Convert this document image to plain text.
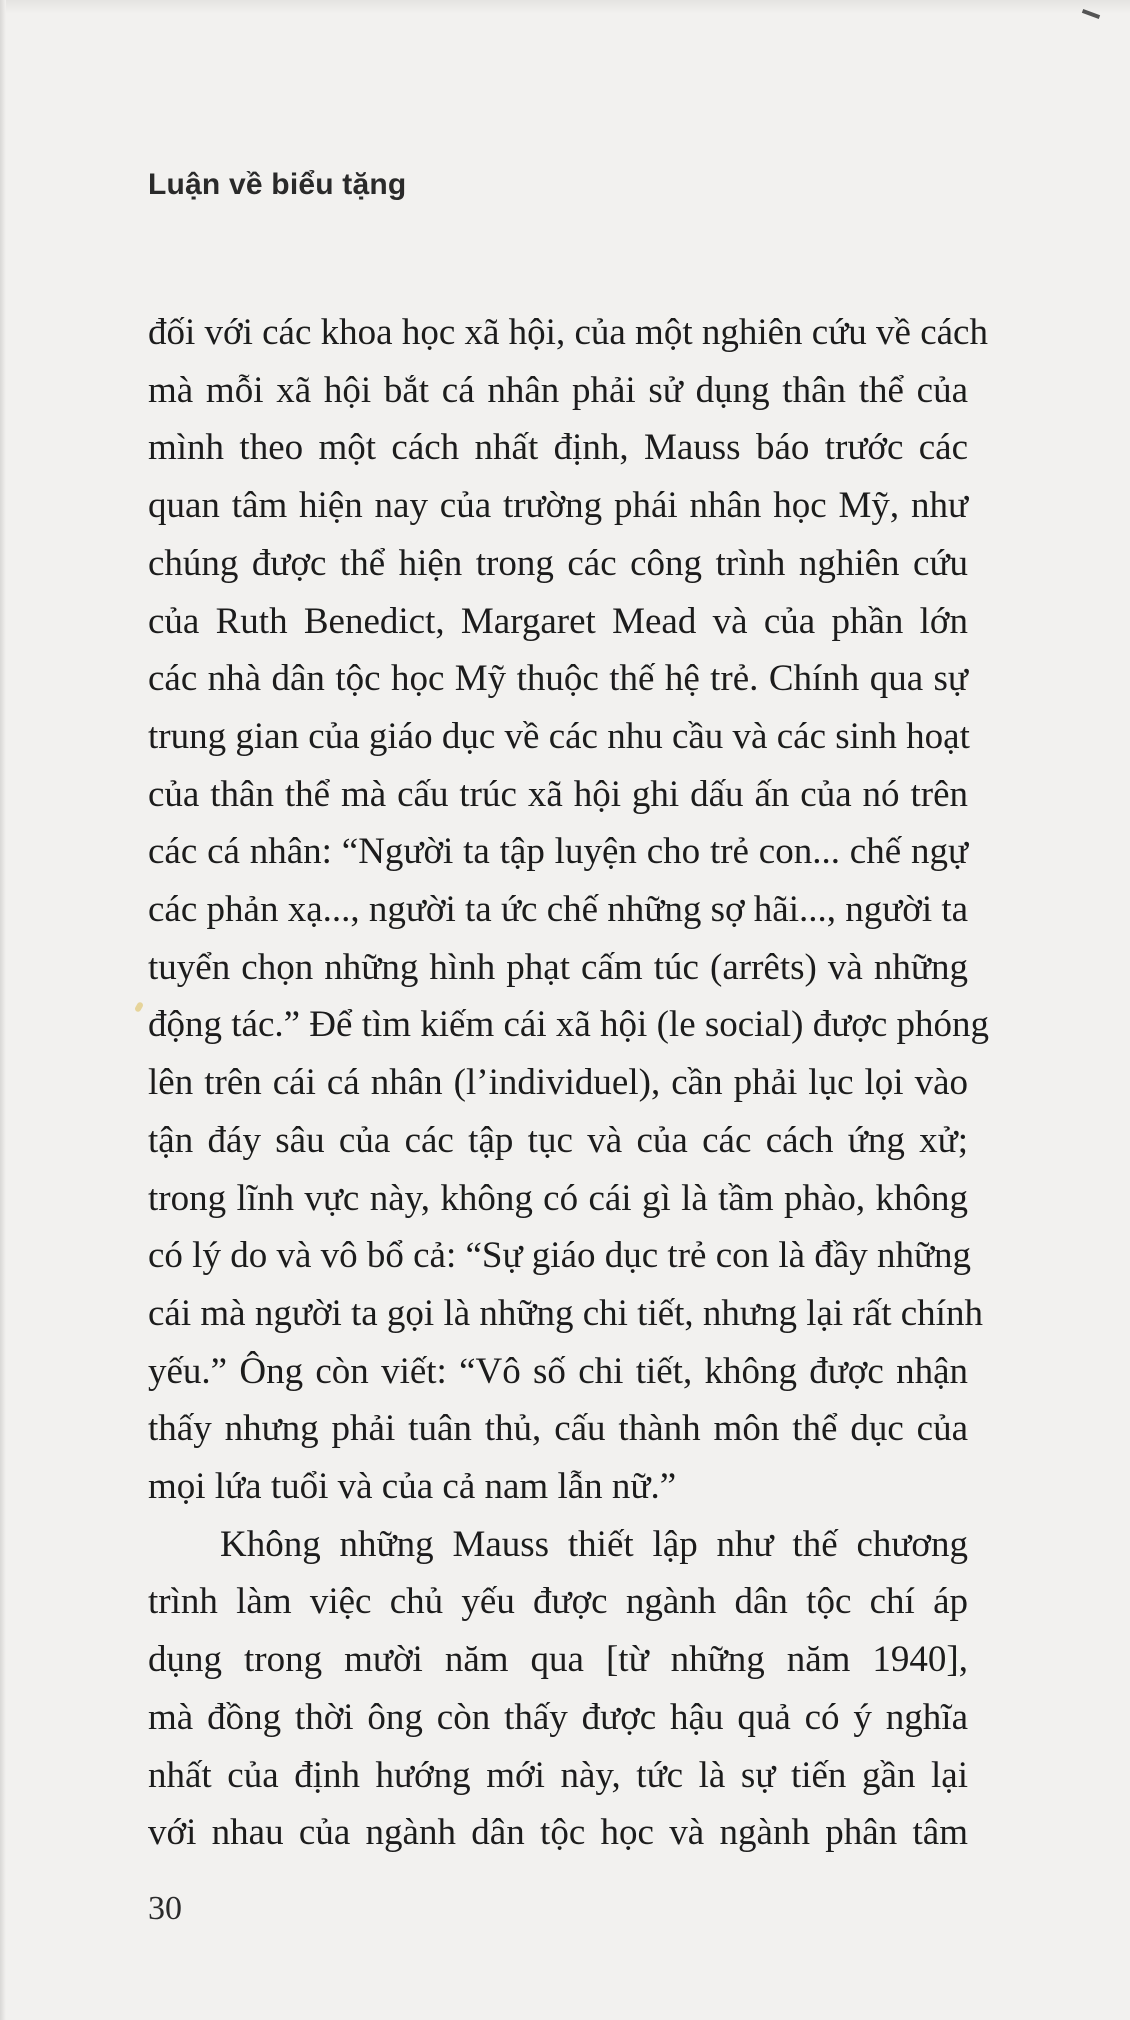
Luận về biểu tặng
đối với các khoa học xã hội, của một nghiên cứu về cách
mà mỗi xã hội bắt cá nhân phải sử dụng thân thể của
mình theo một cách nhất định, Mauss báo trước các
quan tâm hiện nay của trường phái nhân học Mỹ, như
chúng được thể hiện trong các công trình nghiên cứu
của Ruth Benedict, Margaret Mead và của phần lớn
các nhà dân tộc học Mỹ thuộc thế hệ trẻ. Chính qua sự
trung gian của giáo dục về các nhu cầu và các sinh hoạt
của thân thể mà cấu trúc xã hội ghi dấu ấn của nó trên
các cá nhân: “Người ta tập luyện cho trẻ con... chế ngự
các phản xạ..., người ta ức chế những sợ hãi..., người ta
tuyển chọn những hình phạt cấm túc (arrêts) và những
động tác.” Để tìm kiếm cái xã hội (le social) được phóng
lên trên cái cá nhân (l’individuel), cần phải lục lọi vào
tận đáy sâu của các tập tục và của các cách ứng xử;
trong lĩnh vực này, không có cái gì là tầm phào, không
có lý do và vô bổ cả: “Sự giáo dục trẻ con là đầy những
cái mà người ta gọi là những chi tiết, nhưng lại rất chính
yếu.” Ông còn viết: “Vô số chi tiết, không được nhận
thấy nhưng phải tuân thủ, cấu thành môn thể dục của
mọi lứa tuổi và của cả nam lẫn nữ.”
Không những Mauss thiết lập như thế chương
trình làm việc chủ yếu được ngành dân tộc chí áp
dụng trong mười năm qua [từ những năm 1940],
mà đồng thời ông còn thấy được hậu quả có ý nghĩa
nhất của định hướng mới này, tức là sự tiến gần lại
với nhau của ngành dân tộc học và ngành phân tâm
30
